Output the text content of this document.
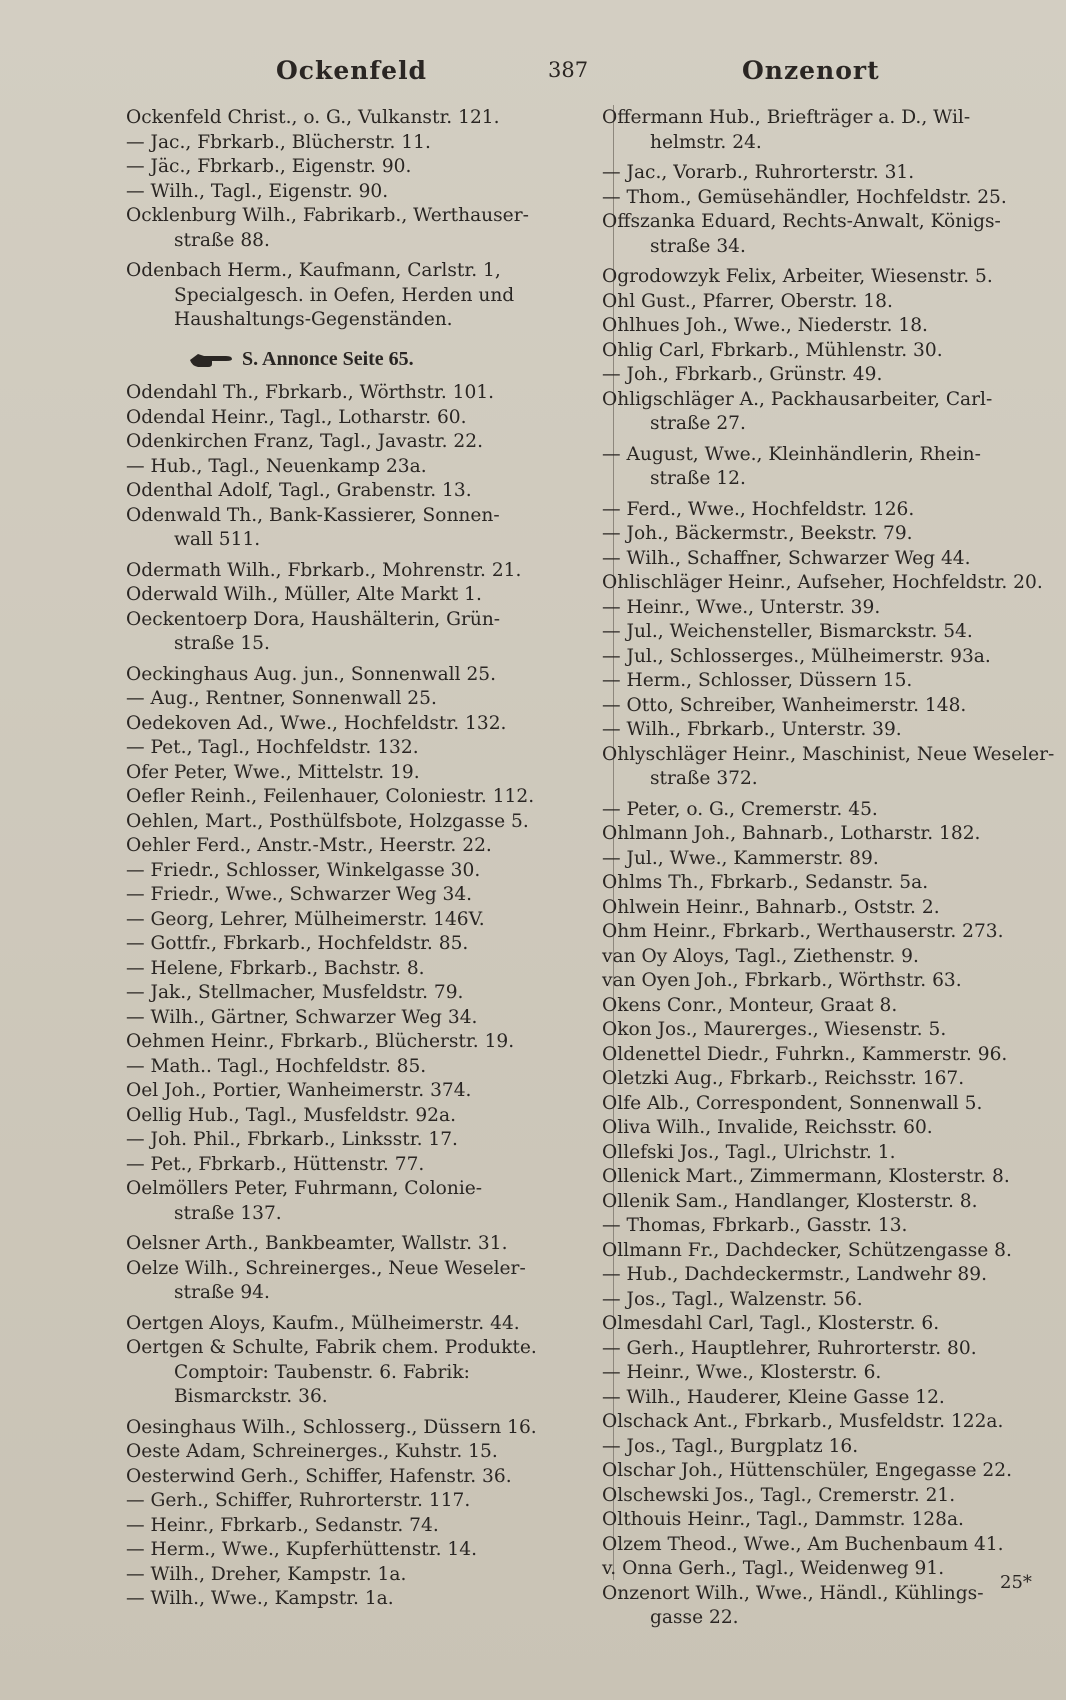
Ockenfeld	387	Onzenort
Ockenfeld Christ., o. G., Vulkanstr. 121.
— Jac., Fbrkarb., Blücherstr. 11.
— Jäc., Fbrkarb., Eigenstr. 90.
— Wilh., Tagl., Eigenstr. 90.
Ocklenburg Wilh., Fabrikarb., Werthauser-
straße 88.
Odenbach Herm., Kaufmann, Carlstr. 1,
Specialgesch. in Oefen, Herden und
Haushaltungs-Gegenständen.
S. Annonce Seite 65.
Odendahl Th., Fbrkarb., Wörthstr. 101.
Odendal Heinr., Tagl., Lotharstr. 60.
Odenkirchen Franz, Tagl., Javastr. 22.
— Hub., Tagl., Neuenkamp 23a.
Odenthal Adolf, Tagl., Grabenstr. 13.
Odenwald Th., Bank-Kassierer, Sonnen-
wall 511.
Odermath Wilh., Fbrkarb., Mohrenstr. 21.
Oderwald Wilh., Müller, Alte Markt 1.
Oeckentoerp Dora, Haushälterin, Grün-
straße 15.
Oeckinghaus Aug. jun., Sonnenwall 25.
— Aug., Rentner, Sonnenwall 25.
Oedekoven Ad., Wwe., Hochfeldstr. 132.
— Pet., Tagl., Hochfeldstr. 132.
Ofer Peter, Wwe., Mittelstr. 19.
Oefler Reinh., Feilenhauer, Coloniestr. 112.
Oehlen, Mart., Posthülfsbote, Holzgasse 5.
Oehler Ferd., Anstr.-Mstr., Heerstr. 22.
— Friedr., Schlosser, Winkelgasse 30.
— Friedr., Wwe., Schwarzer Weg 34.
— Georg, Lehrer, Mülheimerstr. 146V.
— Gottfr., Fbrkarb., Hochfeldstr. 85.
— Helene, Fbrkarb., Bachstr. 8.
— Jak., Stellmacher, Musfeldstr. 79.
— Wilh., Gärtner, Schwarzer Weg 34.
Oehmen Heinr., Fbrkarb., Blücherstr. 19.
— Math.. Tagl., Hochfeldstr. 85.
Oel Joh., Portier, Wanheimerstr. 374.
Oellig Hub., Tagl., Musfeldstr. 92a.
— Joh. Phil., Fbrkarb., Linksstr. 17.
— Pet., Fbrkarb., Hüttenstr. 77.
Oelmöllers Peter, Fuhrmann, Colonie-
straße 137.
Oelsner Arth., Bankbeamter, Wallstr. 31.
Oelze Wilh., Schreinerges., Neue Weseler-
straße 94.
Oertgen Aloys, Kaufm., Mülheimerstr. 44.
Oertgen & Schulte, Fabrik chem. Produkte.
Comptoir: Taubenstr. 6. Fabrik:
Bismarckstr. 36.
Oesinghaus Wilh., Schlosserg., Düssern 16.
Oeste Adam, Schreinerges., Kuhstr. 15.
Oesterwind Gerh., Schiffer, Hafenstr. 36.
— Gerh., Schiffer, Ruhrorterstr. 117.
— Heinr., Fbrkarb., Sedanstr. 74.
— Herm., Wwe., Kupferhüttenstr. 14.
— Wilh., Dreher, Kampstr. 1a.
— Wilh., Wwe., Kampstr. 1a.
Offermann Hub., Briefträger a. D., Wil-
helmstr. 24.
— Jac., Vorarb., Ruhrorterstr. 31.
— Thom., Gemüsehändler, Hochfeldstr. 25.
Offszanka Eduard, Rechts-Anwalt, Königs-
straße 34.
Ogrodowzyk Felix, Arbeiter, Wiesenstr. 5.
Ohl Gust., Pfarrer, Oberstr. 18.
Ohlhues Joh., Wwe., Niederstr. 18.
Ohlig Carl, Fbrkarb., Mühlenstr. 30.
— Joh., Fbrkarb., Grünstr. 49.
Ohligschläger A., Packhausarbeiter, Carl-
straße 27.
— August, Wwe., Kleinhändlerin, Rhein-
straße 12.
— Ferd., Wwe., Hochfeldstr. 126.
— Joh., Bäckermstr., Beekstr. 79.
— Wilh., Schaffner, Schwarzer Weg 44.
Ohlischläger Heinr., Aufseher, Hochfeldstr. 20.
— Heinr., Wwe., Unterstr. 39.
— Jul., Weichensteller, Bismarckstr. 54.
— Jul., Schlosserges., Mülheimerstr. 93a.
— Herm., Schlosser, Düssern 15.
— Otto, Schreiber, Wanheimerstr. 148.
— Wilh., Fbrkarb., Unterstr. 39.
Ohlyschläger Heinr., Maschinist, Neue Weseler-
straße 372.
— Peter, o. G., Cremerstr. 45.
Ohlmann Joh., Bahnarb., Lotharstr. 182.
— Jul., Wwe., Kammerstr. 89.
Ohlms Th., Fbrkarb., Sedanstr. 5a.
Ohlwein Heinr., Bahnarb., Oststr. 2.
Ohm Heinr., Fbrkarb., Werthauserstr. 273.
van Oy Aloys, Tagl., Ziethenstr. 9.
van Oyen Joh., Fbrkarb., Wörthstr. 63.
Okens Conr., Monteur, Graat 8.
Okon Jos., Maurerges., Wiesenstr. 5.
Oldenettel Diedr., Fuhrkn., Kammerstr. 96.
Oletzki Aug., Fbrkarb., Reichsstr. 167.
Olfe Alb., Correspondent, Sonnenwall 5.
Oliva Wilh., Invalide, Reichsstr. 60.
Ollefski Jos., Tagl., Ulrichstr. 1.
Ollenick Mart., Zimmermann, Klosterstr. 8.
Ollenik Sam., Handlanger, Klosterstr. 8.
— Thomas, Fbrkarb., Gasstr. 13.
Ollmann Fr., Dachdecker, Schützengasse 8.
— Hub., Dachdeckermstr., Landwehr 89.
— Jos., Tagl., Walzenstr. 56.
Olmesdahl Carl, Tagl., Klosterstr. 6.
— Gerh., Hauptlehrer, Ruhrorterstr. 80.
— Heinr., Wwe., Klosterstr. 6.
— Wilh., Hauderer, Kleine Gasse 12.
Olschack Ant., Fbrkarb., Musfeldstr. 122a.
— Jos., Tagl., Burgplatz 16.
Olschar Joh., Hüttenschüler, Engegasse 22.
Olschewski Jos., Tagl., Cremerstr. 21.
Olthouis Heinr., Tagl., Dammstr. 128a.
Olzem Theod., Wwe., Am Buchenbaum 41.
v. Onna Gerh., Tagl., Weidenweg 91.
Onzenort Wilh., Wwe., Händl., Kühlings-
gasse 22.
25*
